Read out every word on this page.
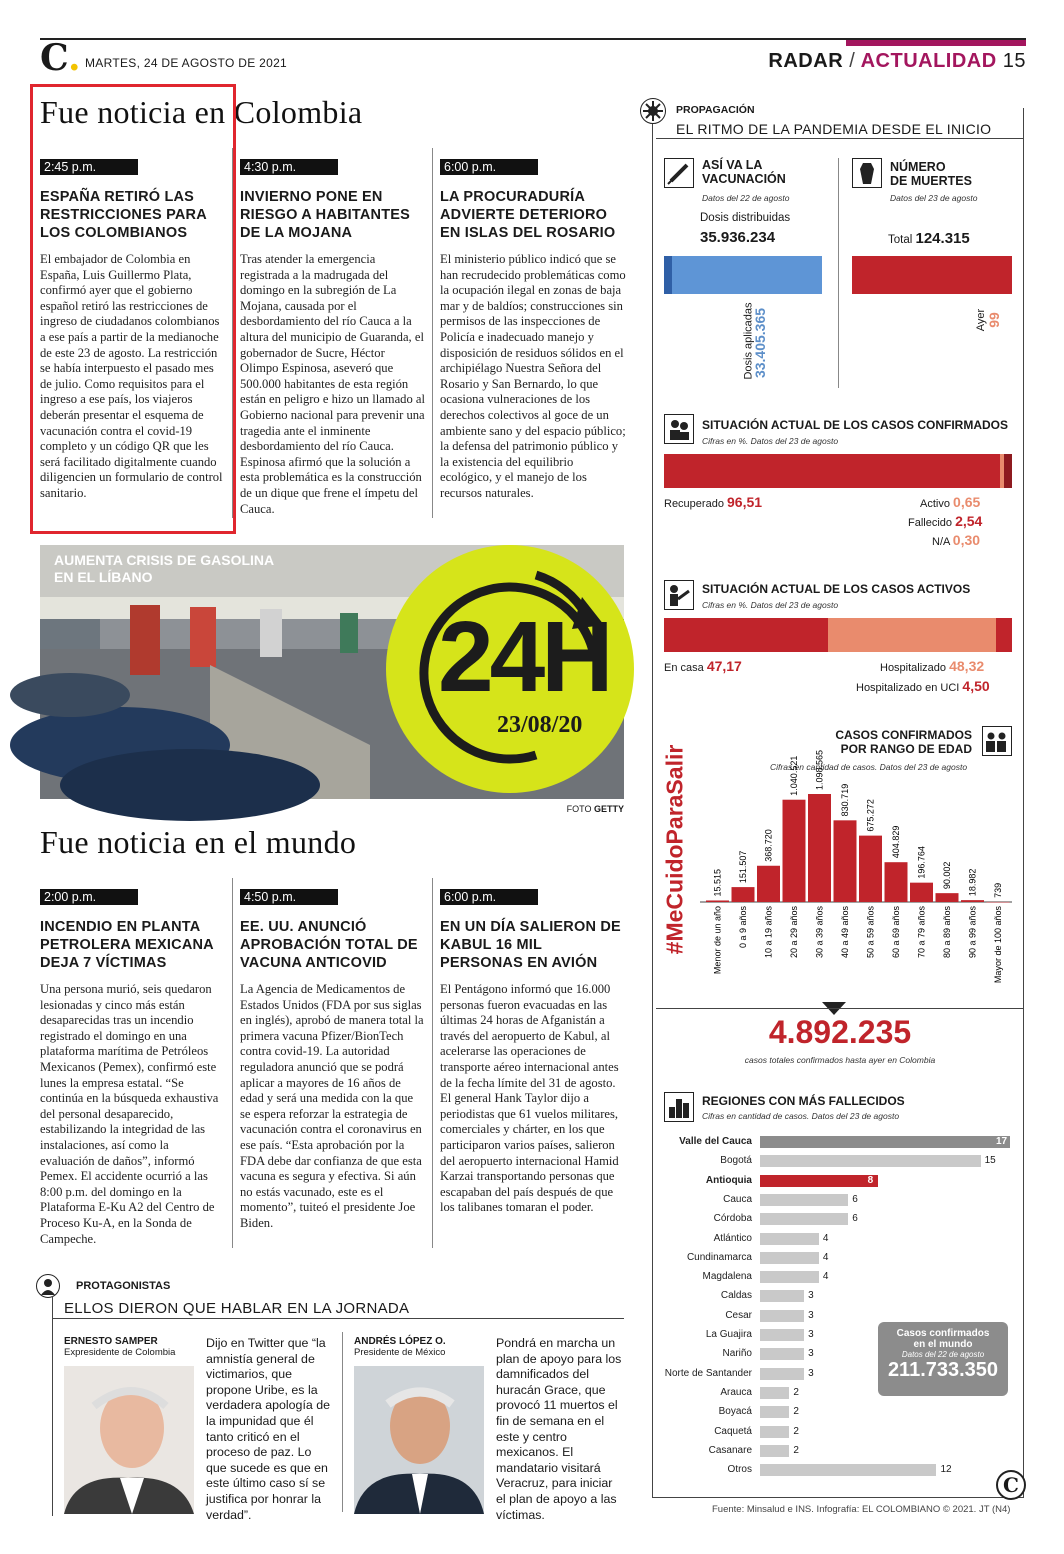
C. MARTES, 24 DE AGOSTO DE 2021	RADAR / ACTUALIDAD 15
Fue noticia en Colombia
2:45 p.m.
ESPAÑA RETIRÓ LAS RESTRICCIONES PARA LOS COLOMBIANOS
El embajador de Colombia en España, Luis Guillermo Plata, confirmó ayer que el gobierno español retiró las restricciones de ingreso de ciudadanos colombianos a ese país a partir de la medianoche de este 23 de agosto. La restricción se había interpuesto el pasado mes de julio. Como requisitos para el ingreso a ese país, los viajeros deberán presentar el esquema de vacunación contra el covid-19 completo y un código QR que les será facilitado digitalmente cuando diligencien un formulario de control sanitario.
4:30 p.m.
INVIERNO PONE EN RIESGO A HABITANTES DE LA MOJANA
Tras atender la emergencia registrada a la madrugada del domingo en la subregión de La Mojana, causada por el desbordamiento del río Cauca a la altura del municipio de Guaranda, el gobernador de Sucre, Héctor Olimpo Espinosa, aseveró que 500.000 habitantes de esta región están en peligro e hizo un llamado al Gobierno nacional para prevenir una tragedia ante el inminente desbordamiento del río Cauca. Espinosa afirmó que la solución a esta problemática es la construcción de un dique que frene el ímpetu del Cauca.
6:00 p.m.
LA PROCURADURÍA ADVIERTE DETERIORO EN ISLAS DEL ROSARIO
El ministerio público indicó que se han recrudecido problemáticas como la ocupación ilegal en zonas de baja mar y de baldíos; construcciones sin permisos de las inspecciones de Policía e inadecuado manejo y disposición de residuos sólidos en el archipiélago Nuestra Señora del Rosario y San Bernardo, lo que ocasiona vulneraciones de los derechos colectivos al goce de un ambiente sano y del espacio público; la defensa del patrimonio público y la existencia del equilibrio ecológico, y el manejo de los recursos naturales.
AUMENTA CRISIS DE GASOLINA EN EL LÍBANO
24H
23/08/20
FOTO GETTY
Fue noticia en el mundo
2:00 p.m.
INCENDIO EN PLANTA PETROLERA MEXICANA DEJA 7 VÍCTIMAS
Una persona murió, seis quedaron lesionadas y cinco más están desaparecidas tras un incendio registrado el domingo en una plataforma marítima de Petróleos Mexicanos (Pemex), confirmó este lunes la empresa estatal. “Se continúa en la búsqueda exhaustiva del personal desaparecido, estabilizando la integridad de las instalaciones, así como la evaluación de daños”, informó Pemex. El accidente ocurrió a las 8:00 p.m. del domingo en la Plataforma E-Ku A2 del Centro de Proceso Ku-A, en la Sonda de Campeche.
4:50 p.m.
EE. UU. ANUNCIÓ APROBACIÓN TOTAL DE VACUNA ANTICOVID
La Agencia de Medicamentos de Estados Unidos (FDA por sus siglas en inglés), aprobó de manera total la primera vacuna Pfizer/BionTech contra covid-19. La autoridad reguladora anunció que se podrá aplicar a mayores de 16 años de edad y será una medida con la que se espera reforzar la estrategia de vacunación contra el coronavirus en ese país. “Esta aprobación por la FDA debe dar confianza de que esta vacuna es segura y efectiva. Si aún no estás vacunado, este es el momento”, tuiteó el presidente Joe Biden.
6:00 p.m.
EN UN DÍA SALIERON DE KABUL 16 MIL PERSONAS EN AVIÓN
El Pentágono informó que 16.000 personas fueron evacuadas en las últimas 24 horas de Afganistán a través del aeropuerto de Kabul, al acelerarse las operaciones de transporte aéreo internacional antes de la fecha límite del 31 de agosto. El general Hank Taylor dijo a periodistas que 61 vuelos militares, comerciales y chárter, en los que participaron varios países, salieron del aeropuerto internacional Hamid Karzai transportando personas que escapaban del país después de que los talibanes tomaran el poder.
PROTAGONISTAS
ELLOS DIERON QUE HABLAR EN LA JORNADA
ERNESTO SAMPER
Expresidente de Colombia
Dijo en Twitter que “la amnistía general de victimarios, que propone Uribe, es la verdadera apología de la impunidad que él tanto criticó en el proceso de paz. Lo que sucede es que en este último caso sí se justifica por honrar la verdad”.
ANDRÉS LÓPEZ O.
Presidente de México
Pondrá en marcha un plan de apoyo para los damnificados del huracán Grace, que provocó 11 muertos el fin de semana en el este y centro mexicanos. El mandatario visitará Veracruz, para iniciar el plan de apoyo a las víctimas.
PROPAGACIÓN
EL RITMO DE LA PANDEMIA DESDE EL INICIO
ASÍ VA LA
VACUNACIÓN
Datos del 22 de agosto
Dosis distribuidas
35.936.234
Dosis aplicadas
33.405.365
NÚMERO
DE MUERTES
Datos del 23 de agosto
Total 124.315
Ayer
99
SITUACIÓN ACTUAL DE LOS CASOS CONFIRMADOS
Cifras en %. Datos del 23 de agosto
Recuperado 96,51	Activo 0,65
Fallecido 2,54
N/A 0,30
SITUACIÓN ACTUAL DE LOS CASOS ACTIVOS
Cifras en %. Datos del 23 de agosto
En casa 47,17	Hospitalizado 48,32
Hospitalizado en UCI 4,50
CASOS CONFIRMADOS
POR RANGO DE EDAD
Cifras en cantidad de casos. Datos del 23 de agosto
#MeCuidoParaSalir	15.515
Menor de un año
151.507
0 a 9 años
368.720
10 a 19 años
1.040.521
20 a 29 años
1.098.565
30 a 39 años
830.719
40 a 49 años
675.272
50 a 59 años
404.829
60 a 69 años
196.764
70 a 79 años
90.002
80 a 89 años
18.982
90 a 99 años
739
Mayor de 100 años
4.892.235
casos totales confirmados hasta ayer en Colombia
REGIONES CON MÁS FALLECIDOS
Cifras en cantidad de casos. Datos del 23 de agosto
Valle del Cauca	17
Bogotá	15
Antioquia	8
Cauca	6
Córdoba	6
Atlántico	4
Cundinamarca	4
Magdalena	4
Caldas	3
Cesar	3
La Guajira	3
Nariño	3
Norte de Santander	3
Arauca	2
Boyacá	2
Caquetá	2
Casanare	2
Otros	12
Casos confirmados
en el mundo
Datos del 22 de agosto
211.733.350
C
Fuente: Minsalud e INS. Infografía: EL COLOMBIANO © 2021. JT (N4)
